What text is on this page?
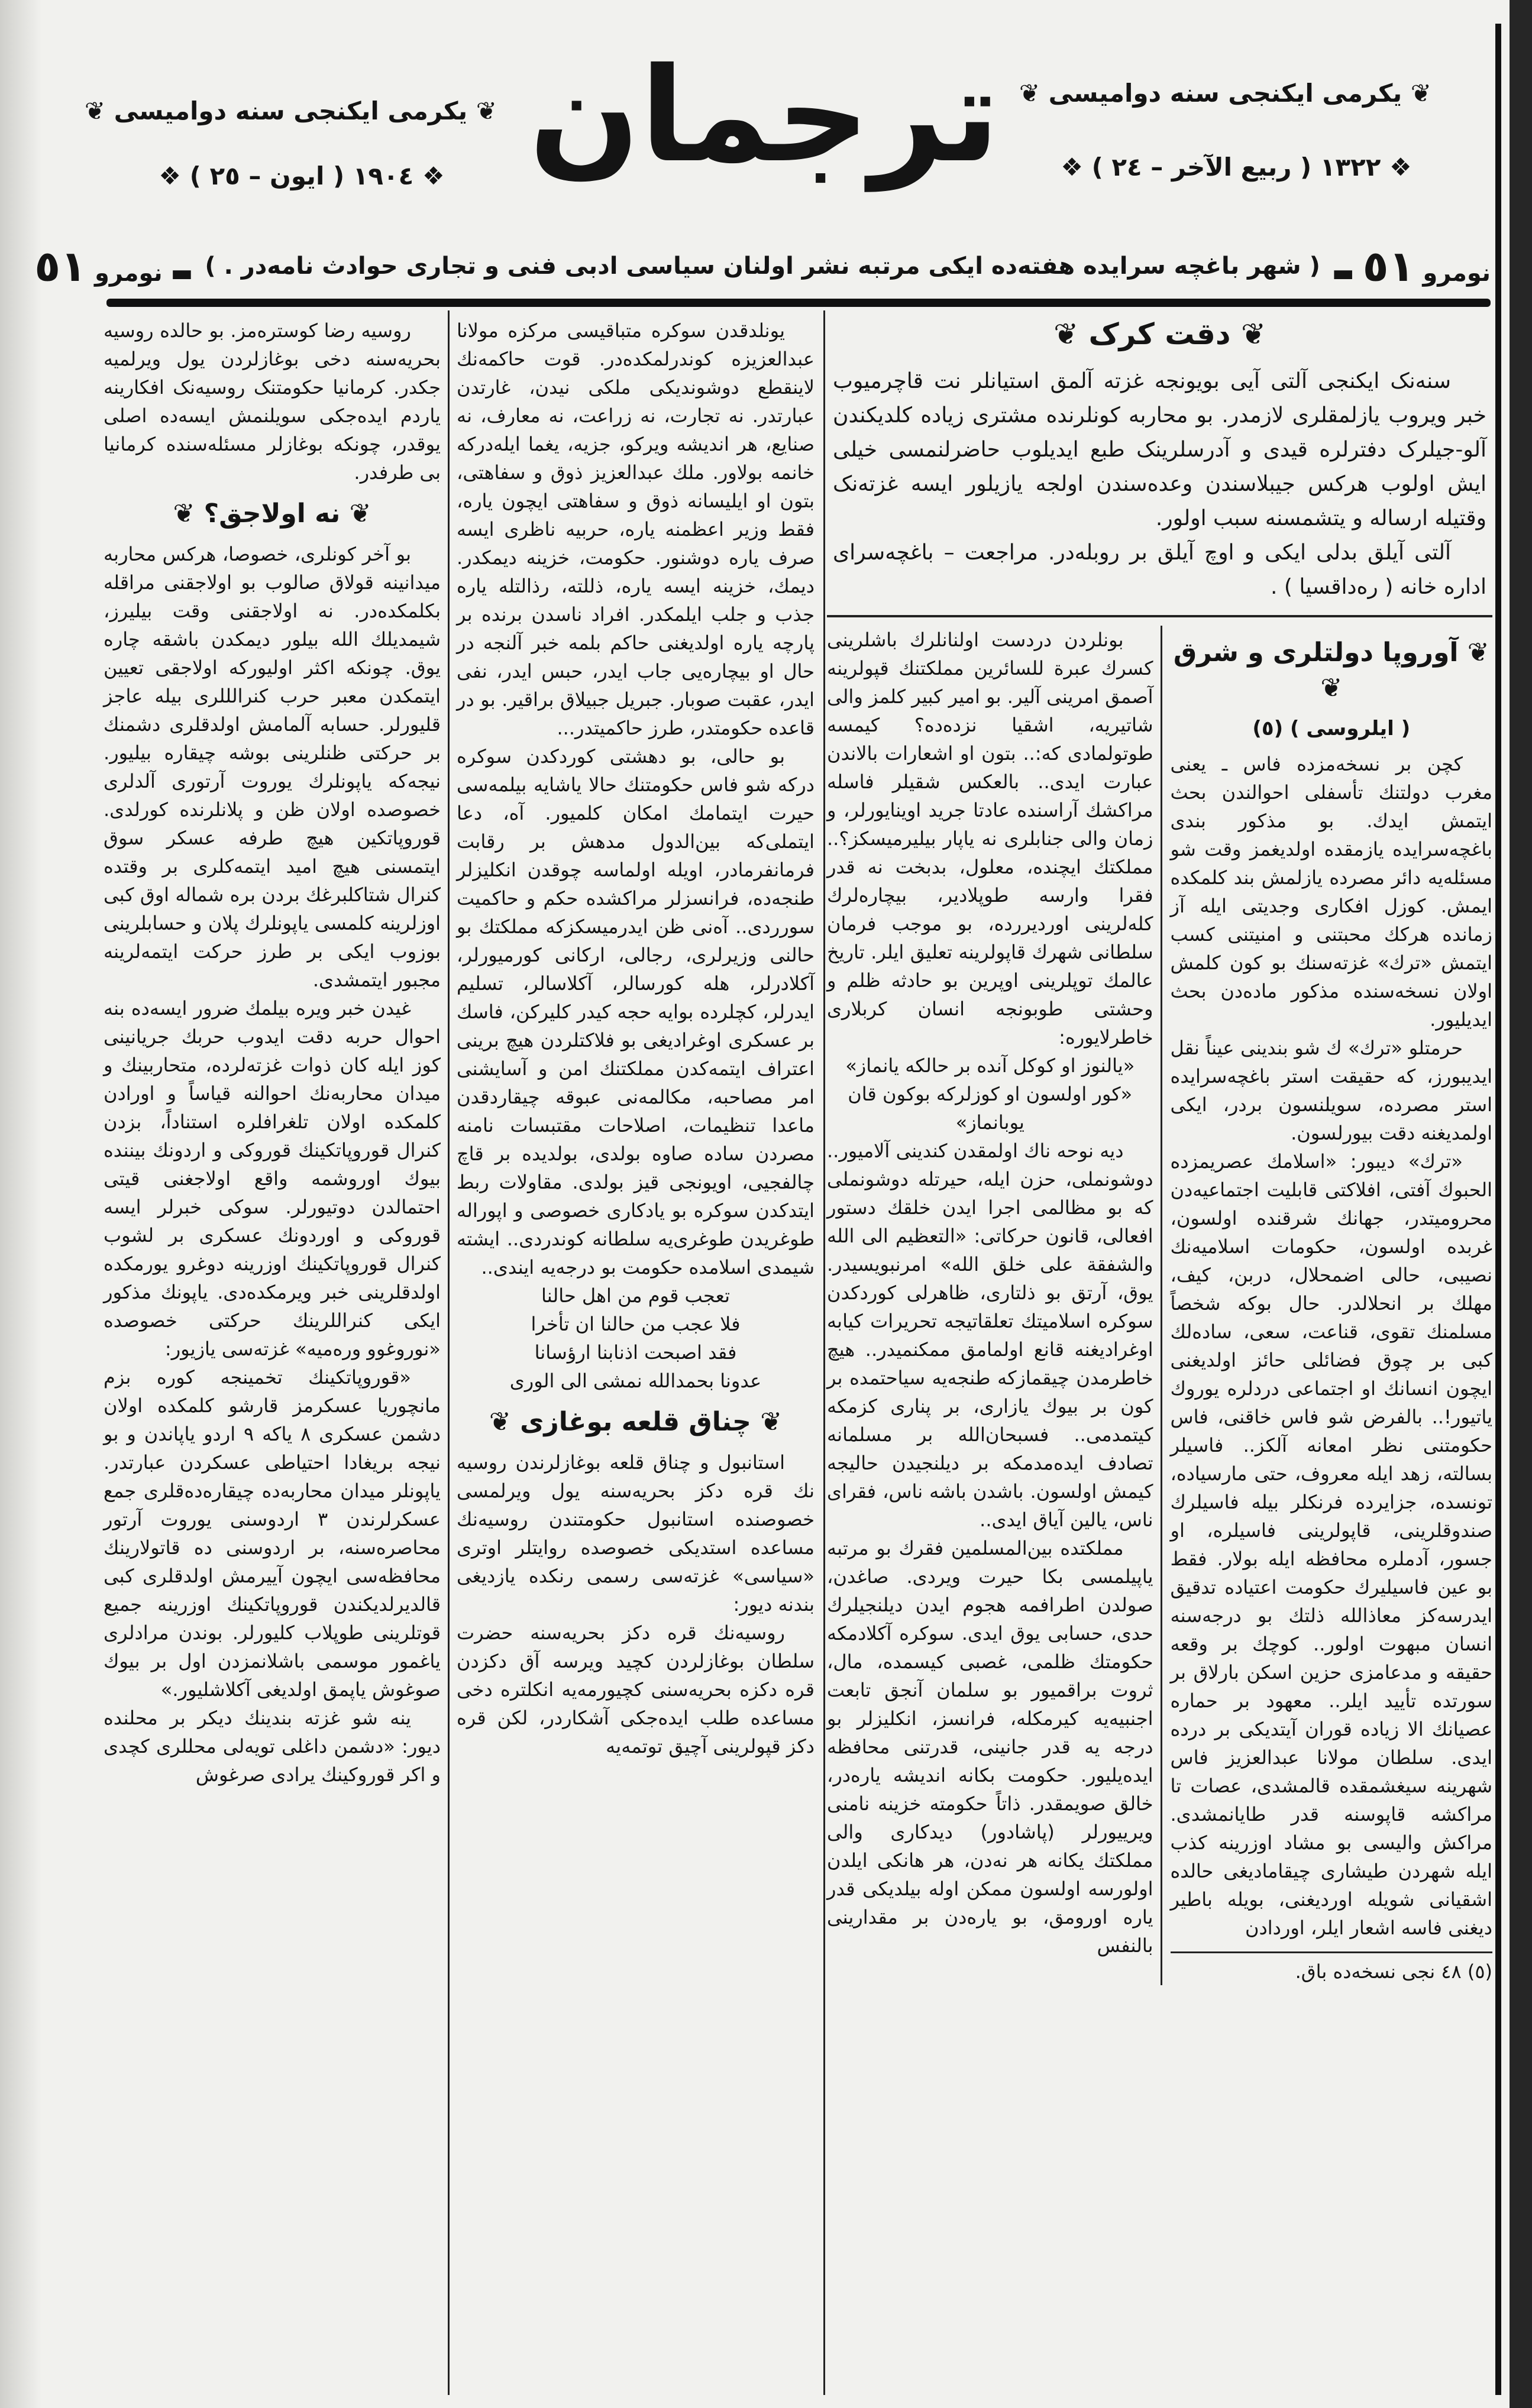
ترجمان
❦ یکرمی ایکنجی سنه دوامیسی ❦
❦ یکرمی ایکنجی سنه دوامیسی ❦
❖ ١٩٠٤ ( ایون – ٢٥ ) ❖	❖ ١٣٢٢ ( ربیع الآخر – ٢٤ ) ❖
نومرو ٥١ ▬
( شهر باغچه سرایده هفته‌ده ایکی مرتبه نشر اولنان سیاسی ادبی فنی و تجاری حوادث نامه‌در . )
▬ نومرو ٥١

روسیه رضا کوستره‌مز. بو حالده روسیه بحریه‌سنه دخی بوغازلردن یول ویرلمیه جکدر. کرمانیا حکومتنک روسیه‌نک افکارینه یاردم ایده‌جکی سویلنمش ایسه‌ده اصلی یوقدر، چونکه بوغازلر مسئله‌سنده کرمانیا بی طرفدر.

❦ نه اولاجق؟ ❦

بو آخر کونلری، خصوصا، هرکس محاربه میدانینه قولاق صالوب بو اولاجقنی مراقله بکلمکده‌در. نه اولاجقنی وقت بیلیرز، شیمدیلك الله بیلور دیمکدن باشقه چاره یوق. چونکه اکثر اولیورکه اولاجقی تعیین ایتمکدن معبر حرب کنرالللری بیله عاجز قلیورلر. حسابه آلمامش اولدقلری دشمنك بر حرکتی ظنلرینی بوشه چیقاره بیلیور. نیجه‌که یاپونلرك یوروت آرتوری آلدلری خصوصده اولان ظن و پلانلرنده کورلدی. قوروپاتکین هیچ طرفه عسکر سوق ایتمسنی هیچ امید ایتمه‌کلری بر وقتده کنرال شتاکلبرغك بردن بره شماله اوق کبی اوزلرینه کلمسی یاپونلرك پلان و حسابلرینی بوزوب ایکی بر طرز حرکت ایتمه‌لرینه مجبور ایتمشدی.

غیدن خبر ویره بیلمك ضرور ایسه‌ده بنه احوال حربه دقت ایدوب حربك جریانینی کوز ایله کان ذوات غزته‌لرده، متحاربینك و میدان محاربه‌نك احوالنه قیاساً و اورادن کلمکده اولان تلغرافلره استناداً، بزدن کنرال قوروپاتکینك قوروکی و اردونك بیننده بیوك اوروشمه واقع اولاجغنی قیتی احتمالدن دوتیورلر. سوکی خبرلر ایسه قوروکی و اوردونك عسکری بر لشوب کنرال قوروپاتکینك اوزرینه دوغرو یورمکده اولدقلرینی خبر ویرمکده‌دی. یاپونك مذکور ایکی کنراللرینك حرکتی خصوصده «نوروغوو وره‌میه» غزته‌سی یازیور:

«قوروپاتکینك تخمینجه کوره بزم مانچوریا عسکرمز قارشو کلمکده اولان دشمن عسکری ٨ یاکه ٩ اردو یاپاندن و بو نیجه بریغادا احتیاطی عسکردن عبارتدر. یاپونلر میدان محاربه‌ده چیقاره‌ده‌قلری جمع عسکرلرندن ٣ اردوسنی یوروت آرتور محاصره‌سنه، بر اردوسنی ده قاتولارینك محافظه‌سی ایچون آییرمش اولدقلری کبی قالدیرلدیکندن قوروپاتکینك اوزرینه جمیع قوتلرینی طوپلاب کلیورلر. بوندن مرادلری یاغمور موسمی باشلانمزدن اول بر بیوك صوغوش یاپمق اولدیغی آکلاشلیور.»

ینه شو غزته بندینك دیکر بر محلنده دیور: «دشمن داغلی تویه‌لی محللری کچدی و اکر قوروکینك یرادی صرغوش

یونلدقدن سوکره متباقیسی مرکزه مولانا عبدالعزیزه کوندرلمکده‌در. قوت حاکمه‌نك لاینقطع دوشوندیکی ملکی نیدن، غارتدن عبارتدر. نه تجارت، نه زراعت، نه معارف، نه صنایع، هر اندیشه ویرکو، جزیه، یغما ایله‌درکه خانمه بولاور. ملك عبدالعزیز ذوق و سفاهتی، بتون او ایلیسانه ذوق و سفاهتی ایچون یاره، فقط وزیر اعظمنه یاره، حربیه ناظری ایسه صرف یاره دوشنور. حکومت، خزینه دیمکدر. دیمك، خزینه ایسه یاره، ذللته، رذالتله یاره جذب و جلب ایلمکدر. افراد ناسدن برنده بر پارچه یاره اولدیغنی حاکم بلمه خبر آلنجه در حال او بیچاره‌یی جاب ایدر، حبس ایدر، نفی ایدر، عقبت صوبار. جبریل جبیلاق براقیر. بو در قاعده حکومتدر، طرز حاکمیتدر...

بو حالی، بو دهشتی کوردکدن سوکره درکه شو فاس حکومتنك حالا یاشایه بیلمه‌سی حیرت ایتمامك امکان کلمیور. آه، دعا ایتملی‌که بین‌الدول مدهش بر رقابت فرمانفرمادر، اویله اولماسه چوقدن انکلیزلر طنجه‌ده، فرانسزلر مراکشده حکم و حاکمیت سورردی.. آه‌نی ظن ایدرمیسکزکه مملکتك بو حالنی وزیرلری، رجالی، ارکانی کورمیورلر، آکلادرلر، هله کورسالر، آکلاسالر، تسلیم ایدرلر، کچلرده بوایه حجه کیدر کلیرکن، فاسك بر عسکری اوغرادیغی بو فلاکتلردن هیچ برینی اعتراف ایتمه‌کدن مملکتنك امن و آسایشنی امر مصاحبه، مکالمه‌نی عبوقه چیقاردقدن ماعدا تنظیمات، اصلاحات مقتبسات نامنه مصردن ساده صاوه بولدی، بولدیده بر قاچ چالفجیی، اویونجی قیز بولدی. مقاولات ربط ایتدکدن سوکره بو یادکاری خصوصی و اپوراله طوغریدن طوغری‌یه سلطانه کوندردی.. ایشته شیمدی اسلامده حکومت بو درجه‌یه ایندی..

تعجب قوم من اهل حالنا

فلا عجب من حالنا ان تأخرا

فقد اصبحت اذنابنا ارؤسانا

عدونا بحمدالله نمشی الی الوری

❦ چناق قلعه بوغازی ❦

استانبول و چناق قلعه بوغازلرندن روسیه نك قره دکز بحریه‌سنه یول ویرلمسی خصوصنده استانبول حکومتندن روسیه‌نك مساعده استدیکی خصوصده روایتلر اوتری «سیاسی» غزته‌سی رسمی رنکده یازدیغی بندنه دیور:

روسیه‌نك قره دکز بحریه‌سنه حضرت سلطان بوغازلردن کچید ویرسه آق دکزدن قره دکزه بحریه‌سنی کچیورمه‌یه انکلتره دخی مساعده طلب ایده‌جکی آشکاردر، لکن قره دکز قپولرینی آچیق توتمه‌یه

❦ دقت کرک ❦

سنه‌نک ایکنجی آلتی آیی بویونجه غزته آلمق استیانلر نت قاچرمیوب خبر ویروب یازلمقلری لازمدر. بو محاربه کونلرنده مشتری زیاده کلدیکندن آلو-جیلرک دفترلره قیدی و آدرسلرینک طبع ایدیلوب حاضرلنمسی خیلی ایش اولوب هرکس جیبلاسندن وعده‌سندن اولجه یازیلور ایسه غزته‌نک وقتیله ارساله و یتشمسنه سبب اولور.

آلتی آیلق بدلی ایکی و اوچ آیلق بر روبله‌در. مراجعت – باغچه‌سرای اداره خانه ( ره‌داقسیا ) .

بونلردن دردست اولنانلرك باشلرینی کسرك عبرة للسائرین مملکتنك قپولرینه آصمق امرینی آلیر. بو امیر کبیر کلمز والی شاتیریه، اشقیا نزده‌ده؟ کیمسه طوتولمادی که:.. بتون او اشعارات بالاندن عبارت ایدی.. بالعکس شقیلر فاسله مراکشك آراسنده عادتا جرید اوینایورلر، و زمان والی جنابلری نه یاپار بیلیرمیسکز؟.. مملکتك ایچنده، معلول، بدبخت نه قدر فقرا وارسه طوپلادیر، بیچاره‌لرك کله‌لرینی اوردیررده، بو موجب فرمان سلطانی شهرك قاپولرینه تعلیق ایلر. تاریخ عالمك توپلرینی اوپرین بو حادثه ظلم و وحشتی طوبونجه انسان کربلاری خاطرلایوره:

«یالنوز او کوکل آنده بر حالکه یانماز»

«کور اولسون او کوزلرکه بوکون قان یوبانماز»

دیه نوحه ناك اولمقدن کندینی آلامیور.. دوشونملی، حزن ایله، حیرتله دوشونملی که بو مظالمی اجرا ایدن خلقك دستور افعالی، قانون حرکاتی: «التعظیم الی الله والشفقة علی خلق الله» امرنبویسیدر. یوق، آرتق بو ذلتاری، ظاهرلی کوردکدن سوکره اسلامیتك تعلقاتیجه تحریرات کیابه اوغرادیغنه قانع اولمامق ممکنمیدر.. هیچ خاطرمدن چیقمازکه طنجه‌یه سیاحتمده بر کون بر بیوك یازاری، بر پناری کزمکه کیتمدمی.. فسبحان‌الله بر مسلمانه تصادف ایده‌مدمکه بر دیلنجیدن حالیجه کیمش اولسون. باشدن باشه ناس، فقرای ناس، یالین آیاق ایدی..

مملکتده بین‌المسلمین فقرك بو مرتبه یاپیلمسی بکا حیرت ویردی. صاغدن، صولدن اطرافمه هجوم ایدن دیلنجیلرك حدی، حسابی یوق ایدی. سوکره آکلادمکه حکومتك ظلمی، غصبی کیسمده، مال، ثروت براقمیور بو سلمان آنجق تابعت اجنبیه‌یه کیرمکله، فرانسز، انکلیزلر بو درجه یه قدر جانینی، قدرتنی محافظه ایده‌یلیور. حکومت بکانه اندیشه یاره‌در، خالق صویمقدر. ذاتاً حکومته خزینه نامنی ویرییورلر (پاشادور) دیدکاری والی مملکتك یکانه هر نه‌دن، هر هانکی ایلدن اولورسه اولسون ممکن اوله بیلدیکی قدر یاره اورومق، بو یاره‌دن بر مقدارینی بالنفس

❦ آوروپا دولتلری و شرق ❦
( ایلروسی ) (٥)

کچن بر نسخه‌مزده فاس ـ یعنی مغرب دولتنك تأسفلی احوالندن بحث ایتمش ایدك. بو مذکور بندی باغچه‌سرایده یازمقده اولدیغمز وقت شو مسئله‌یه دائر مصرده یازلمش بند کلمکده ایمش. کوزل افکاری وجدیتی ایله آز زمانده هرکك محبتنی و امنیتنی کسب ایتمش «ترك» غزته‌سنك بو کون کلمش اولان نسخه‌سنده مذکور ماده‌دن بحث ایدیلیور.

حرمتلو «ترك» ك شو بندینی عیناً نقل ایدیبورز، که حقیقت استر باغچه‌سرایده استر مصرده، سویلنسون بردر، ایکی اولمدیغنه دقت بیورلسون.

«ترك» دیبور: «اسلامك عصریمزده الحبوك آفتی، افلاکتی قابلیت اجتماعیه‌دن محرومیتدر، جهانك شرقنده اولسون، غربده اولسون، حکومات اسلامیه‌نك نصیبی، حالی اضمحلال، دربن، کیف، مهلك بر انحلالدر. حال بوکه شخصاً مسلمنك تقوی، قناعت، سعی، ساده‌لك کبی بر چوق فضائلی حائز اولدیغنی ایچون انسانك او اجتماعی دردلره یوروك یاتیور!.. بالفرض شو فاس خاقنی، فاس حکومتنی نظر امعانه آلکز.. فاسیلر بسالته، زهد ایله معروف، حتی مارسیاده، تونسده، جزایرده فرنکلر بیله فاسیلرك صندوقلرینی، قاپولرینی فاسیلره، او جسور، آدملره محافظه ایله بولار. فقط بو عین فاسیلیرك حکومت اعتیاده تدقیق ایدرسه‌کز معاذالله ذلتك بو درجه‌سنه انسان مبهوت اولور.. کوچك بر وقعه حقیقه و مدعامزی حزین اسکن بارلاق بر سورتده تأیید ایلر.. معهود بر حماره عصیانك الا زیاده قوران آیتدیکی بر درده ایدی. سلطان مولانا عبدالعزیز فاس شهرینه سیغشمقده قالمشدی، عصات تا مراکشه قاپوسنه قدر طایانمشدی. مراکش والیسی بو مشاد اوزرینه کذب ایله شهردن طیشاری چیقامادیغی حالده اشقیانی شویله اوردیغنی، بویله باطیر دیغنی فاسه اشعار ایلر، اوردادن

(٥) ٤٨ نجی نسخه‌ده باق.
